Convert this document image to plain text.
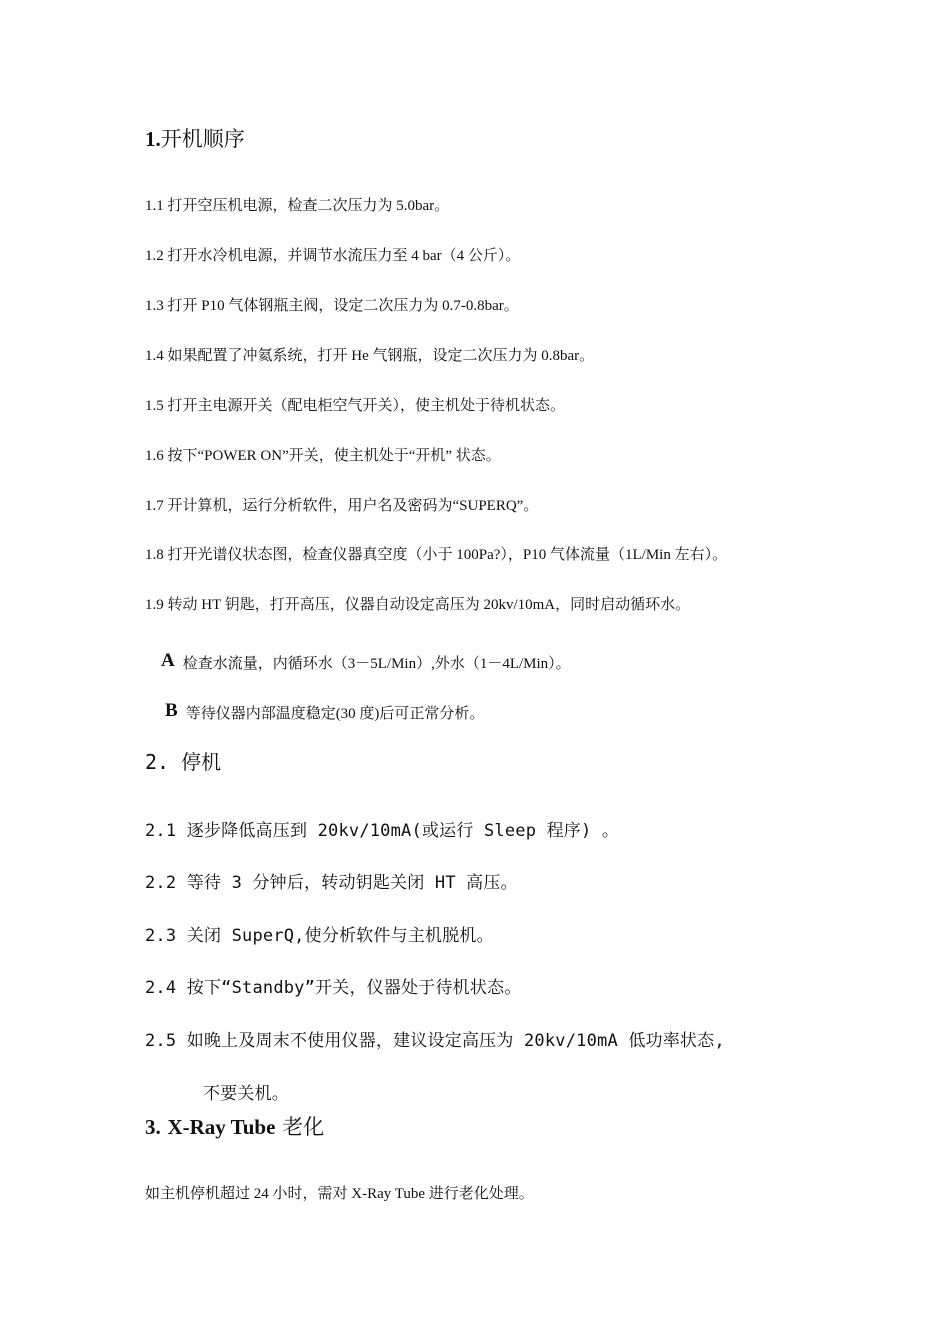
1.开机顺序
1.1 打开空压机电源，检查二次压力为 5.0bar。
1.2 打开水冷机电源，并调节水流压力至 4 bar（4 公斤）。
1.3 打开 P10 气体钢瓶主阀，设定二次压力为 0.7-0.8bar。
1.4 如果配置了冲氦系统，打开 He 气钢瓶，设定二次压力为 0.8bar。
1.5 打开主电源开关（配电柜空气开关），使主机处于待机状态。
1.6 按下“POWER ON”开关，使主机处于“开机” 状态。
1.7 开计算机，运行分析软件，用户名及密码为“SUPERQ”。
1.8 打开光谱仪状态图，检查仪器真空度（小于 100Pa?），P10 气体流量（1L/Min 左右）。
1.9 转动 HT 钥匙，打开高压，仪器自动设定高压为 20kv/10mA，同时启动循环水。
A 检查水流量，内循环水（3－5L/Min）,外水（1－4L/Min）。
B 等待仪器内部温度稳定(30 度)后可正常分析。
2. 停机
2.1 逐步降低高压到 20kv/10mA(或运行 Sleep 程序) 。
2.2 等待 3 分钟后，转动钥匙关闭 HT 高压。
2.3 关闭 SuperQ,使分析软件与主机脱机。
2.4 按下“Standby”开关，仪器处于待机状态。
2.5 如晚上及周末不使用仪器，建议设定高压为 20kv/10mA 低功率状态,
不要关机。
3. X-Ray Tube 老化
如主机停机超过 24 小时，需对 X-Ray Tube 进行老化处理。
